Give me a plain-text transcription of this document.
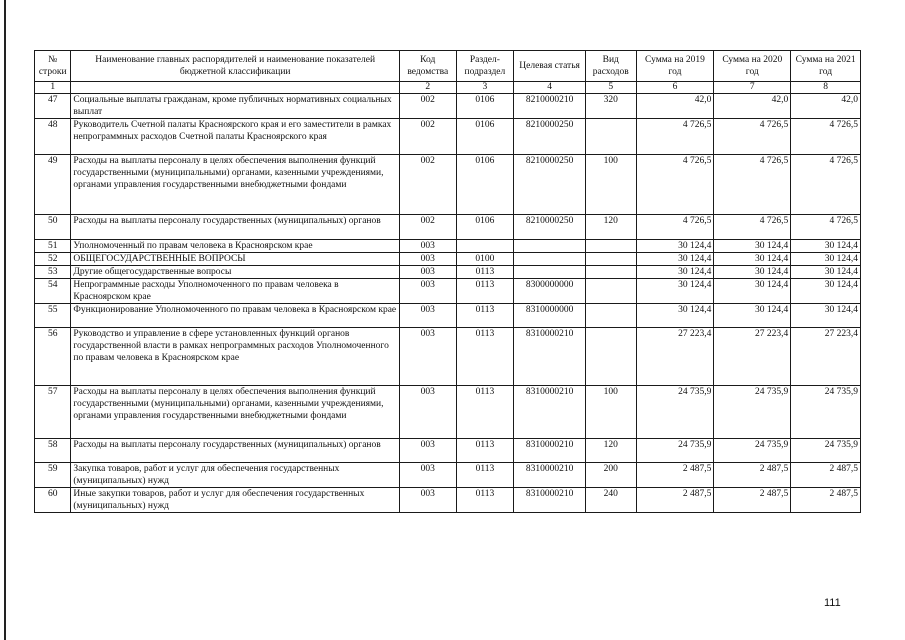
№ строки	Наименование главных распорядителей и наименование показателей бюджетной классификации	Код ведомства	Раздел-подраздел	Целевая статья	Вид расходов	Сумма на 2019 год	Сумма на 2020 год	Сумма на 2021 год
1		2	3	4	5	6	7	8
47	Социальные выплаты гражданам, кроме публичных нормативных социальных выплат	002	0106	8210000210	320	42,0	42,0	42,0
48	Руководитель Счетной палаты Красноярского края и его заместители в рамках непрограммных расходов Счетной палаты Красноярского края	002	0106	8210000250		4 726,5	4 726,5	4 726,5
49	Расходы на выплаты персоналу в целях обеспечения выполнения функций государственными (муниципальными) органами, казенными учреждениями, органами управления государственными внебюджетными фондами	002	0106	8210000250	100	4 726,5	4 726,5	4 726,5
50	Расходы на выплаты персоналу государственных (муниципальных) органов	002	0106	8210000250	120	4 726,5	4 726,5	4 726,5
51	Уполномоченный по правам человека в Красноярском крае	003				30 124,4	30 124,4	30 124,4
52	ОБЩЕГОСУДАРСТВЕННЫЕ ВОПРОСЫ	003	0100			30 124,4	30 124,4	30 124,4
53	Другие общегосударственные вопросы	003	0113			30 124,4	30 124,4	30 124,4
54	Непрограммные расходы Уполномоченного по правам человека в Красноярском крае	003	0113	8300000000		30 124,4	30 124,4	30 124,4
55	Функционирование Уполномоченного по правам человека в Красноярском крае	003	0113	8310000000		30 124,4	30 124,4	30 124,4
56	Руководство и управление в сфере установленных функций органов государственной власти в рамках непрограммных расходов Уполномоченного по правам человека в Красноярском крае	003	0113	8310000210		27 223,4	27 223,4	27 223,4
57	Расходы на выплаты персоналу в целях обеспечения выполнения функций государственными (муниципальными) органами, казенными учреждениями, органами управления государственными внебюджетными фондами	003	0113	8310000210	100	24 735,9	24 735,9	24 735,9
58	Расходы на выплаты персоналу государственных (муниципальных) органов	003	0113	8310000210	120	24 735,9	24 735,9	24 735,9
59	Закупка товаров, работ и услуг для обеспечения государственных (муниципальных) нужд	003	0113	8310000210	200	2 487,5	2 487,5	2 487,5
60	Иные закупки товаров, работ и услуг для обеспечения государственных (муниципальных) нужд	003	0113	8310000210	240	2 487,5	2 487,5	2 487,5
111
